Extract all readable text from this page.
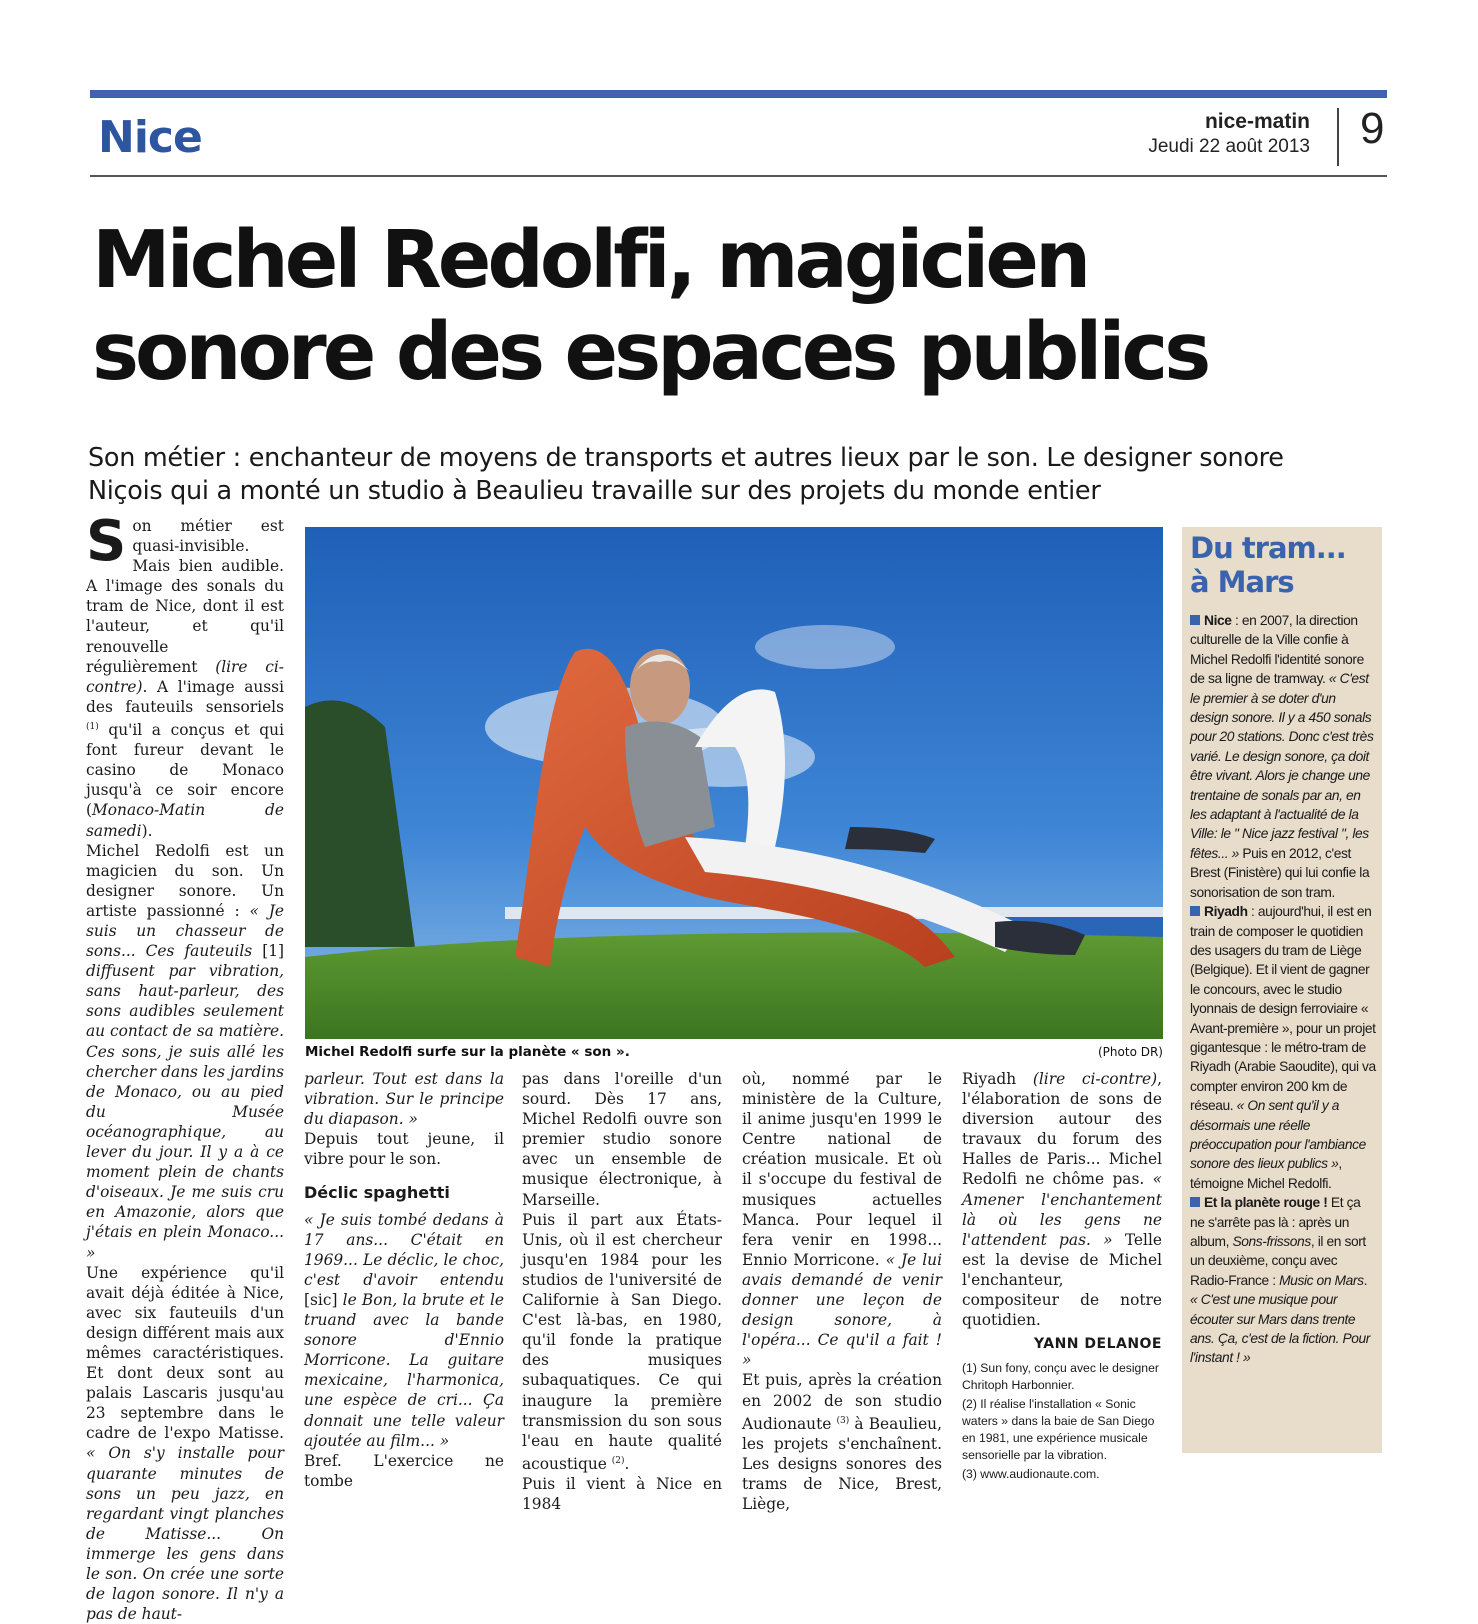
Nice	nice-matin
Jeudi 22 août 2013 9
Michel Redolfi, magicien
sonore des espaces publics

Son métier : enchanteur de moyens de transports et autres lieux par le son. Le designer sonore
Niçois qui a monté un studio à Beaulieu travaille sur des projets du monde entier

Son métier est quasi-invisible. Mais bien audible. A l'image des sonals du tram de Nice, dont il est l'auteur, et qu'il renouvelle régulièrement (lire ci-contre). A l'image aussi des fauteuils sensoriels $^{(1)}$ qu'il a conçus et qui font fureur devant le casino de Monaco jusqu'à ce soir encore (Monaco-Matin de samedi).

Michel Redolfi est un magicien du son. Un designer sonore. Un artiste passionné : « Je suis un chasseur de sons... Ces fauteuils [1] diffusent par vibration, sans haut-parleur, des sons audibles seulement au contact de sa matière. Ces sons, je suis allé les chercher dans les jardins de Monaco, ou au pied du Musée océanographique, au lever du jour. Il y a à ce moment plein de chants d'oiseaux. Je me suis cru en Amazonie, alors que j'étais en plein Monaco... »

Une expérience qu'il avait déjà éditée à Nice, avec six fauteuils d'un design différent mais aux mêmes caractéristiques. Et dont deux sont au palais Lascaris jusqu'au 23 septembre dans le cadre de l'expo Matisse. « On s'y installe pour quarante minutes de sons un peu jazz, en regardant vingt planches de Matisse... On immerge les gens dans le son. On crée une sorte de lagon sonore. Il n'y a pas de haut-

Michel Redolfi surfe sur la planète « son ».	(Photo DR)

parleur. Tout est dans la vibration. Sur le principe du diapason. »

Depuis tout jeune, il vibre pour le son.

Déclic spaghetti

« Je suis tombé dedans à 17 ans... C'était en 1969... Le déclic, le choc, c'est d'avoir entendu [sic] le Bon, la brute et le truand avec la bande sonore d'Ennio Morricone. La guitare mexicaine, l'harmonica, une espèce de cri... Ça donnait une telle valeur ajoutée au film... »

Bref. L'exercice ne tombe

pas dans l'oreille d'un sourd. Dès 17 ans, Michel Redolfi ouvre son premier studio sonore avec un ensemble de musique électronique, à Marseille.

Puis il part aux États-Unis, où il est chercheur jusqu'en 1984 pour les studios de l'université de Californie à San Diego. C'est là-bas, en 1980, qu'il fonde la pratique des musiques subaquatiques. Ce qui inaugure la première transmission du son sous l'eau en haute qualité acoustique $^{(2)}$.

Puis il vient à Nice en 1984

où, nommé par le ministère de la Culture, il anime jusqu'en 1999 le Centre national de création musicale. Et où il s'occupe du festival de musiques actuelles Manca. Pour lequel il fera venir en 1998... Ennio Morricone. « Je lui avais demandé de venir donner une leçon de design sonore, à l'opéra... Ce qu'il a fait ! »

Et puis, après la création en 2002 de son studio Audionaute $^{(3)}$ à Beaulieu, les projets s'enchaînent. Les designs sonores des trams de Nice, Brest, Liège,

Riyadh (lire ci-contre), l'élaboration de sons de diversion autour des travaux du forum des Halles de Paris... Michel Redolfi ne chôme pas. « Amener l'enchantement là où les gens ne l'attendent pas. » Telle est la devise de Michel l'enchanteur, compositeur de notre quotidien.

YANN DELANOE

(1) Sun fony, conçu avec le designer Chritoph Harbonnier.

(2) Il réalise l'installation « Sonic waters » dans la baie de San Diego en 1981, une expérience musicale sensorielle par la vibration.

(3) www.audionaute.com.

Du tram...
à Mars

Nice : en 2007, la direction culturelle de la Ville confie à Michel Redolfi l'identité sonore de sa ligne de tramway. « C'est le premier à se doter d'un design sonore. Il y a 450 sonals pour 20 stations. Donc c'est très varié. Le design sonore, ça doit être vivant. Alors je change une trentaine de sonals par an, en les adaptant à l'actualité de la Ville: le " Nice jazz festival ", les fêtes... » Puis en 2012, c'est Brest (Finistère) qui lui confie la sonorisation de son tram.

Riyadh : aujourd'hui, il est en train de composer le quotidien des usagers du tram de Liège (Belgique). Et il vient de gagner le concours, avec le studio lyonnais de design ferroviaire « Avant-première », pour un projet gigantesque : le métro-tram de Riyadh (Arabie Saoudite), qui va compter environ 200 km de réseau. « On sent qu'il y a désormais une réelle préoccupation pour l'ambiance sonore des lieux publics », témoigne Michel Redolfi.

Et la planète rouge ! Et ça ne s'arrête pas là : après un album, Sons-frissons, il en sort un deuxième, conçu avec Radio-France : Music on Mars. « C'est une musique pour écouter sur Mars dans trente ans. Ça, c'est de la fiction. Pour l'instant ! »
